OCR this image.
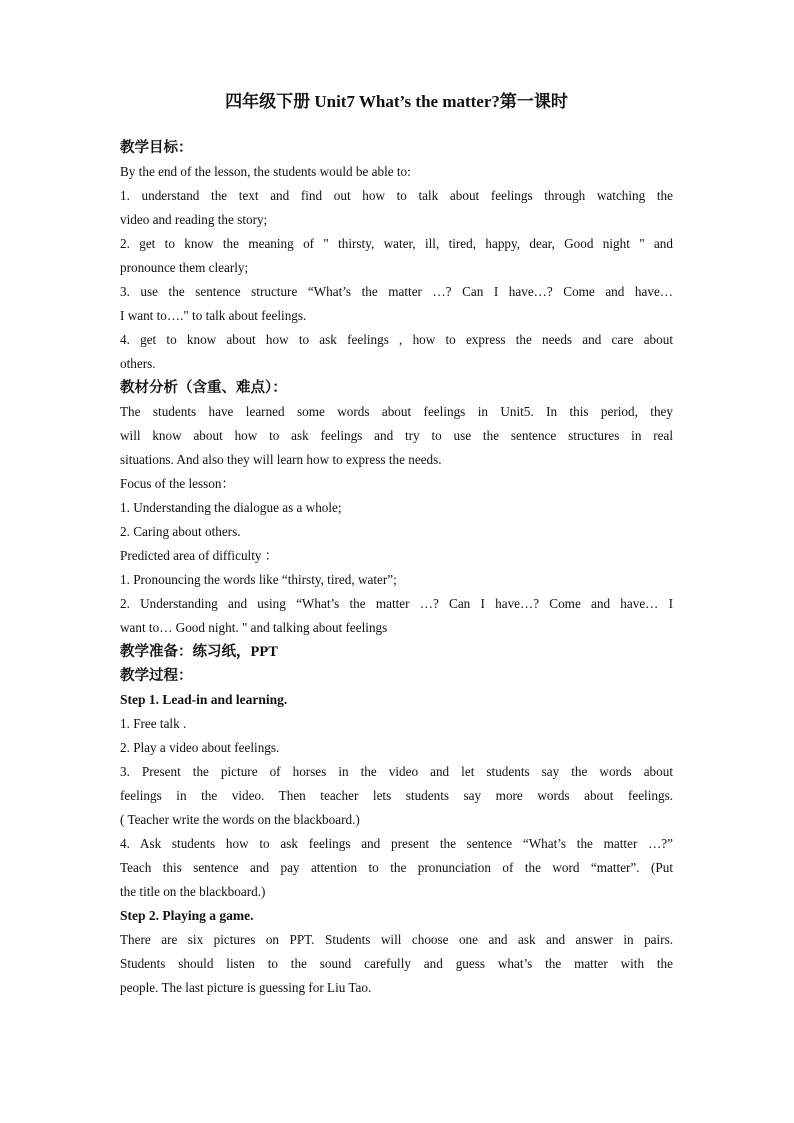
四年级下册 Unit7 What’s the matter?第一课时

教学目标：

By the end of the lesson, the students would be able to:

1. understand the text and find out how to talk about feelings through watching the

video and reading the story;

2. get to know the meaning of " thirsty, water, ill, tired, happy, dear, Good night " and

pronounce them clearly;

3. use the sentence structure “What’s the matter …? Can I have…? Come and have…

I want to…." to talk about feelings.

4. get to know about how to ask feelings , how to express the needs and care about

others.

教材分析（含重、难点）：

The students have learned some words about feelings in Unit5. In this period, they

will know about how to ask feelings and try to use the sentence structures in real

situations. And also they will learn how to express the needs.

Focus of the lesson：

1. Understanding the dialogue as a whole;

2. Caring about others.

Predicted area of difficulty ：

1. Pronouncing the words like “thirsty, tired, water”;

2. Understanding and using “What’s the matter …? Can I have…? Come and have… I

want to… Good night. " and talking about feelings

教学准备：练习纸，PPT

教学过程：

Step 1. Lead-in and learning.

1. Free talk .

2. Play a video about feelings.

3. Present the picture of horses in the video and let students say the words about

feelings in the video. Then teacher lets students say more words about feelings.

( Teacher write the words on the blackboard.)

4. Ask students how to ask feelings and present the sentence “What’s the matter …?”

Teach this sentence and pay attention to the pronunciation of the word “matter”. (Put

the title on the blackboard.)

Step 2. Playing a game.

There are six pictures on PPT. Students will choose one and ask and answer in pairs.

Students should listen to the sound carefully and guess what’s the matter with the

people. The last picture is guessing for Liu Tao.
